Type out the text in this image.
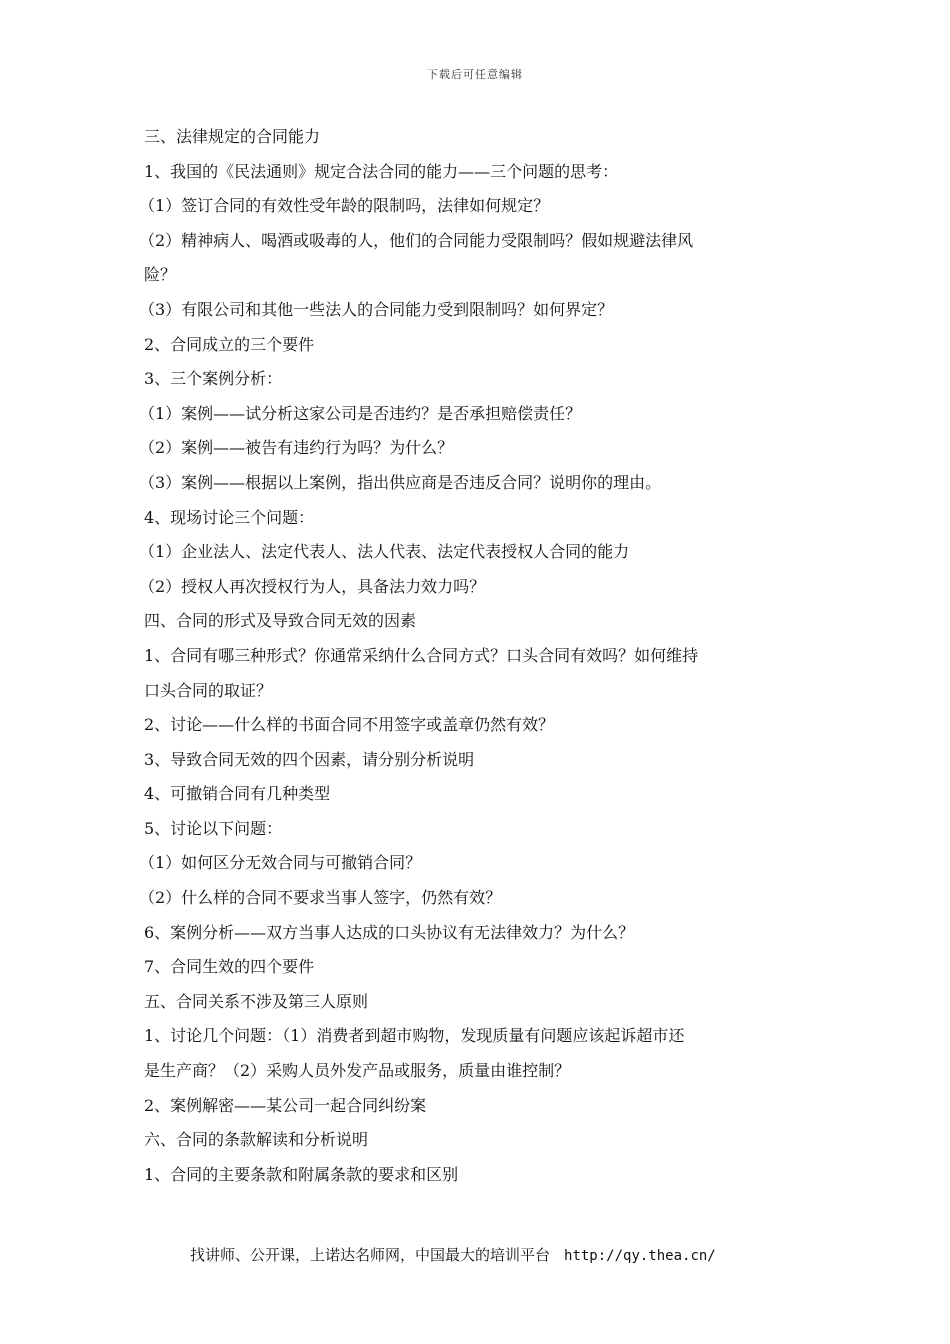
下载后可任意编辑
三、法律规定的合同能力
1、我国的《民法通则》规定合法合同的能力——三个问题的思考：
（1）签订合同的有效性受年龄的限制吗，法律如何规定？
（2）精神病人、喝酒或吸毒的人，他们的合同能力受限制吗？假如规避法律风
险？
（3）有限公司和其他一些法人的合同能力受到限制吗？如何界定？
2、合同成立的三个要件
3、三个案例分析：
（1）案例——试分析这家公司是否违约？是否承担赔偿责任？
（2）案例——被告有违约行为吗？为什么？
（3）案例——根据以上案例，指出供应商是否违反合同？说明你的理由。
4、现场讨论三个问题：
（1）企业法人、法定代表人、法人代表、法定代表授权人合同的能力
（2）授权人再次授权行为人，具备法力效力吗？
四、合同的形式及导致合同无效的因素
1、合同有哪三种形式？你通常采纳什么合同方式？口头合同有效吗？如何维持
口头合同的取证？
2、讨论——什么样的书面合同不用签字或盖章仍然有效？
3、导致合同无效的四个因素，请分别分析说明
4、可撤销合同有几种类型
5、讨论以下问题：
（1）如何区分无效合同与可撤销合同？
（2）什么样的合同不要求当事人签字，仍然有效？
6、案例分析——双方当事人达成的口头协议有无法律效力？为什么？
7、合同生效的四个要件
五、合同关系不涉及第三人原则
1、讨论几个问题：（1）消费者到超市购物，发现质量有问题应该起诉超市还
是生产商？（2）采购人员外发产品或服务，质量由谁控制？
2、案例解密——某公司一起合同纠纷案
六、合同的条款解读和分析说明
1、合同的主要条款和附属条款的要求和区别
找讲师、公开课，上诺达名师网，中国最大的培训平台 http://qy.thea.cn/
